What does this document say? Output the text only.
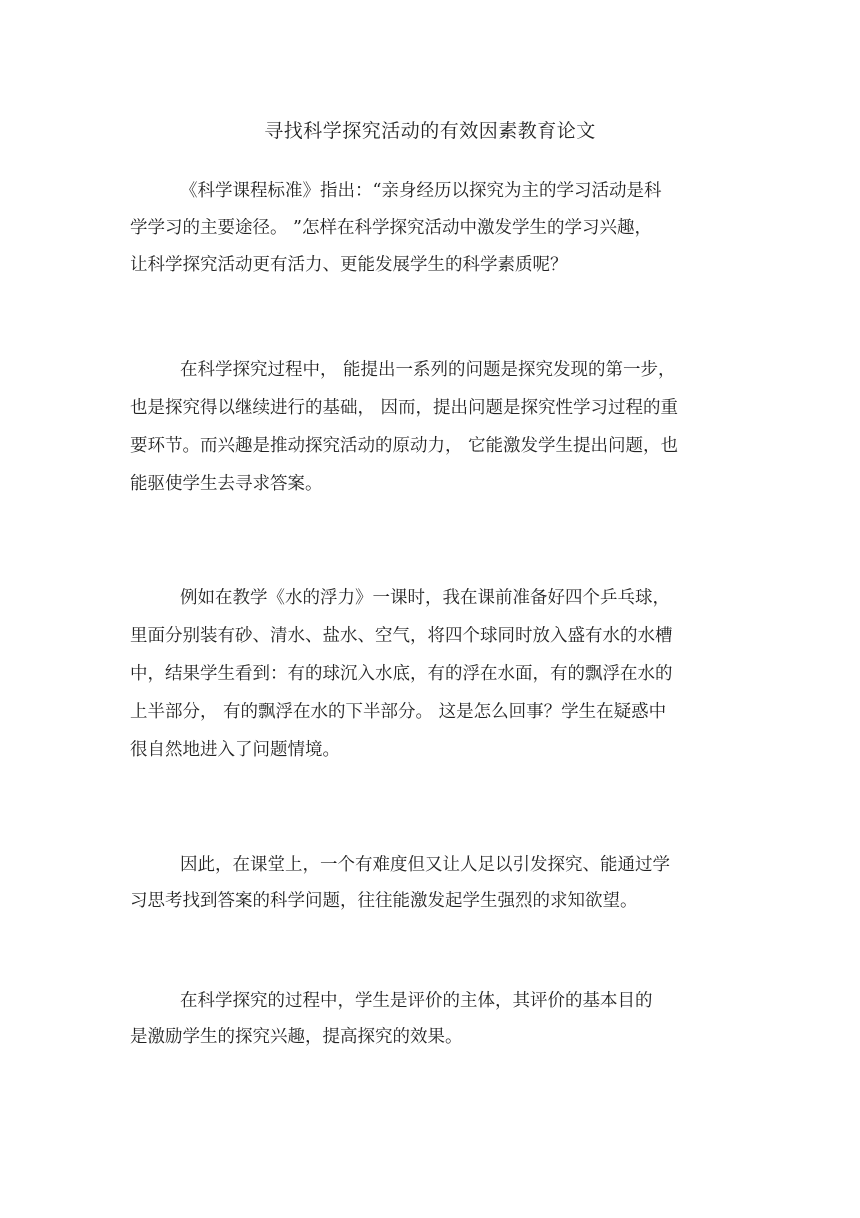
寻找科学探究活动的有效因素教育论文
《科学课程标准》指出：“亲身经历以探究为主的学习活动是科
学学习的主要途径。 ”怎样在科学探究活动中激发学生的学习兴趣，
让科学探究活动更有活力、更能发展学生的科学素质呢？
在科学探究过程中， 能提出一系列的问题是探究发现的第一步，
也是探究得以继续进行的基础， 因而，提出问题是探究性学习过程的重
要环节。而兴趣是推动探究活动的原动力， 它能激发学生提出问题，也
能驱使学生去寻求答案。
例如在教学《水的浮力》一课时，我在课前准备好四个乒乓球，
里面分别装有砂、清水、盐水、空气，将四个球同时放入盛有水的水槽
中，结果学生看到：有的球沉入水底，有的浮在水面，有的飘浮在水的
上半部分， 有的飘浮在水的下半部分。 这是怎么回事？学生在疑惑中
很自然地进入了问题情境。
因此，在课堂上，一个有难度但又让人足以引发探究、能通过学
习思考找到答案的科学问题，往往能激发起学生强烈的求知欲望。
在科学探究的过程中，学生是评价的主体，其评价的基本目的
是激励学生的探究兴趣，提高探究的效果。
